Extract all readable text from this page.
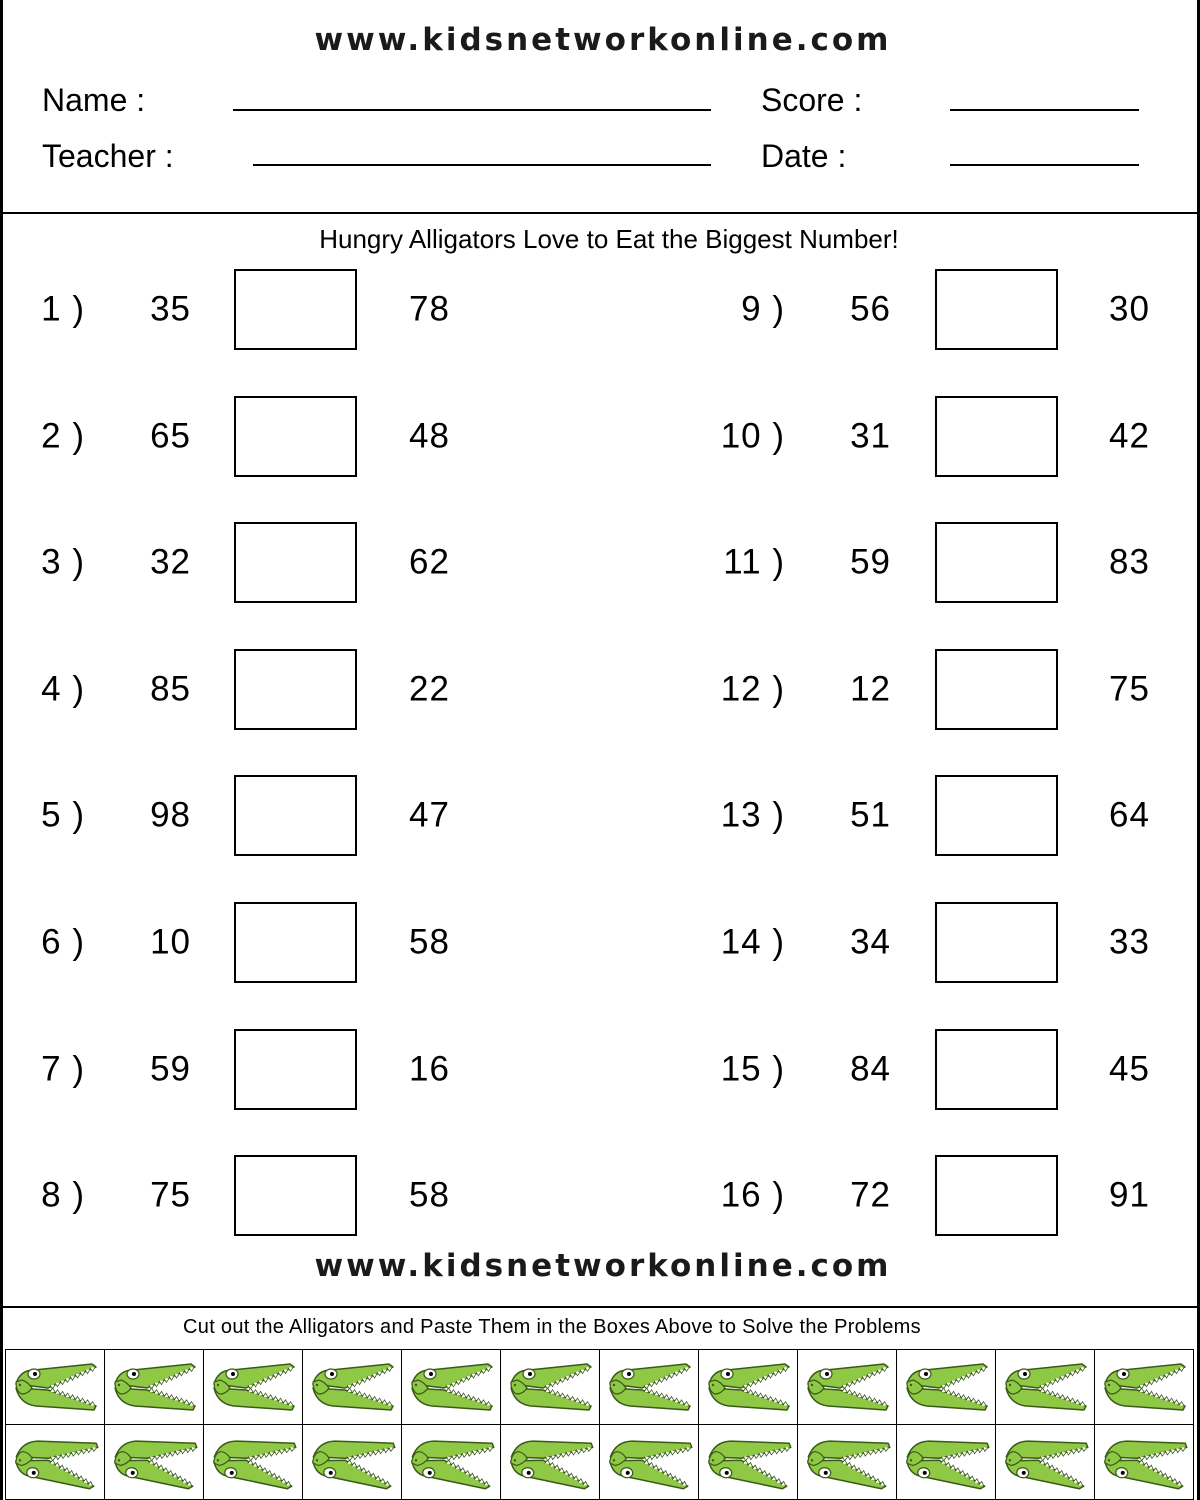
www.kidsnetworkonline.com
Name :	Score :
Teacher :	Date :
Hungry Alligators Love to Eat the Biggest Number!
1 ) 35	78
2 ) 65	48
3 ) 32	62
4 ) 85	22
5 ) 98	47
6 ) 10	58
7 ) 59	16
8 ) 75	58
9 ) 56	30
10 ) 31	42
11 ) 59	83
12 ) 12	75
13 ) 51	64
14 ) 34	33
15 ) 84	45
16 ) 72	91
www.kidsnetworkonline.com
Cut out the Alligators and Paste Them in the Boxes Above to Solve the Problems
